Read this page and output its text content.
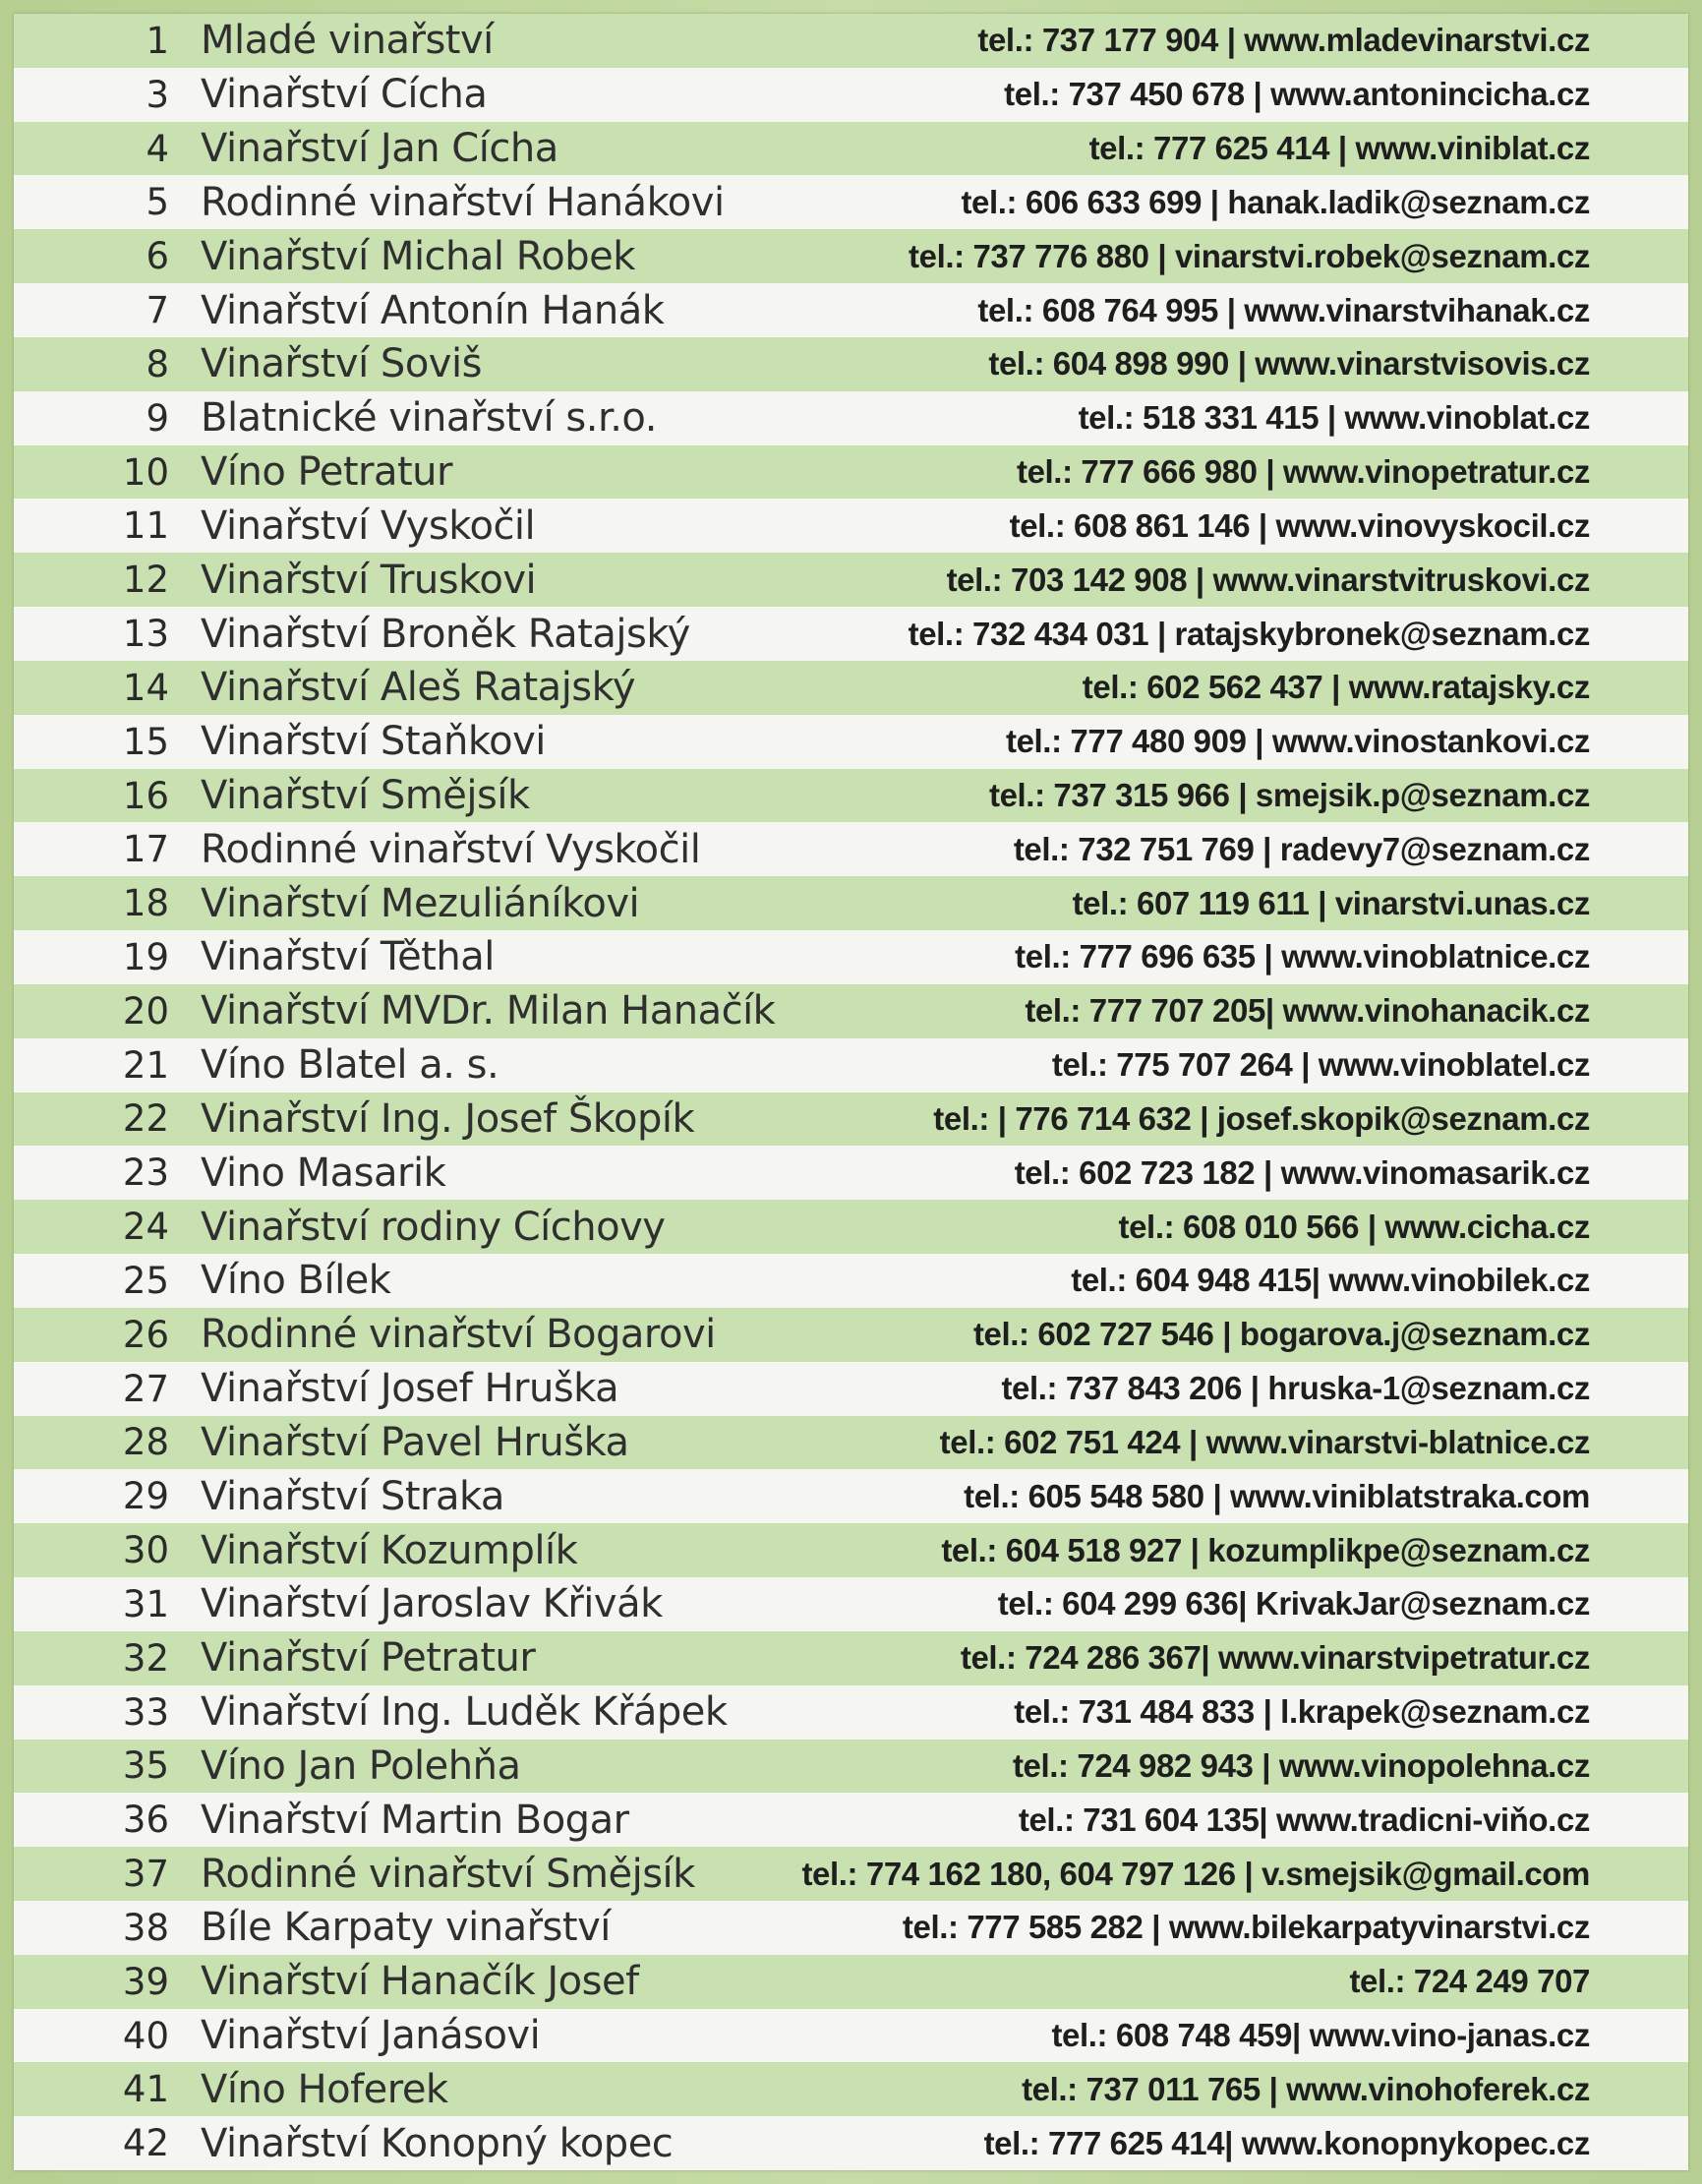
1 Mladé vinařství	tel.: 737 177 904 | www.mladevinarstvi.cz
3 Vinařství Cícha	tel.: 737 450 678 | www.antonincicha.cz
4 Vinařství Jan Cícha	tel.: 777 625 414 | www.viniblat.cz
5 Rodinné vinařství Hanákovi	tel.: 606 633 699 | hanak.ladik@seznam.cz
6 Vinařství Michal Robek	tel.: 737 776 880 | vinarstvi.robek@seznam.cz
7 Vinařství Antonín Hanák	tel.: 608 764 995 | www.vinarstvihanak.cz
8 Vinařství Soviš	tel.: 604 898 990 | www.vinarstvisovis.cz
9 Blatnické vinařství s.r.o.	tel.: 518 331 415 | www.vinoblat.cz
10 Víno Petratur	tel.: 777 666 980 | www.vinopetratur.cz
11 Vinařství Vyskočil	tel.: 608 861 146 | www.vinovyskocil.cz
12 Vinařství Truskovi	tel.: 703 142 908 | www.vinarstvitruskovi.cz
13 Vinařství Broněk Ratajský	tel.: 732 434 031 | ratajskybronek@seznam.cz
14 Vinařství Aleš Ratajský	tel.: 602 562 437 | www.ratajsky.cz
15 Vinařství Staňkovi	tel.: 777 480 909 | www.vinostankovi.cz
16 Vinařství Smějsík	tel.: 737 315 966 | smejsik.p@seznam.cz
17 Rodinné vinařství Vyskočil	tel.: 732 751 769 | radevy7@seznam.cz
18 Vinařství Mezuliáníkovi	tel.: 607 119 611 | vinarstvi.unas.cz
19 Vinařství Těthal	tel.: 777 696 635 | www.vinoblatnice.cz
20 Vinařství MVDr. Milan Hanačík	tel.: 777 707 205| www.vinohanacik.cz
21 Víno Blatel a. s.	tel.: 775 707 264 | www.vinoblatel.cz
22 Vinařství Ing. Josef Škopík	tel.: | 776 714 632 | josef.skopik@seznam.cz
23 Vino Masarik	tel.: 602 723 182 | www.vinomasarik.cz
24 Vinařství rodiny Cíchovy	tel.: 608 010 566 | www.cicha.cz
25 Víno Bílek	tel.: 604 948 415| www.vinobilek.cz
26 Rodinné vinařství Bogarovi	tel.: 602 727 546 | bogarova.j@seznam.cz
27 Vinařství Josef Hruška	tel.: 737 843 206 | hruska-1@seznam.cz
28 Vinařství Pavel Hruška	tel.: 602 751 424 | www.vinarstvi-blatnice.cz
29 Vinařství Straka	tel.: 605 548 580 | www.viniblatstraka.com
30 Vinařství Kozumplík	tel.: 604 518 927 | kozumplikpe@seznam.cz
31 Vinařství Jaroslav Křivák	tel.: 604 299 636| KrivakJar@seznam.cz
32 Vinařství Petratur	tel.: 724 286 367| www.vinarstvipetratur.cz
33 Vinařství Ing. Luděk Křápek	tel.: 731 484 833 | l.krapek@seznam.cz
35 Víno Jan Polehňa	tel.: 724 982 943 | www.vinopolehna.cz
36 Vinařství Martin Bogar	tel.: 731 604 135| www.tradicni-viňo.cz
37 Rodinné vinařství Smějsík	tel.: 774 162 180, 604 797 126 | v.smejsik@gmail.com
38 Bíle Karpaty vinařství	tel.: 777 585 282 | www.bilekarpatyvinarstvi.cz
39 Vinařství Hanačík Josef	tel.: 724 249 707
40 Vinařství Janásovi	tel.: 608 748 459| www.vino-janas.cz
41 Víno Hoferek	tel.: 737 011 765 | www.vinohoferek.cz
42 Vinařství Konopný kopec	tel.: 777 625 414| www.konopnykopec.cz
